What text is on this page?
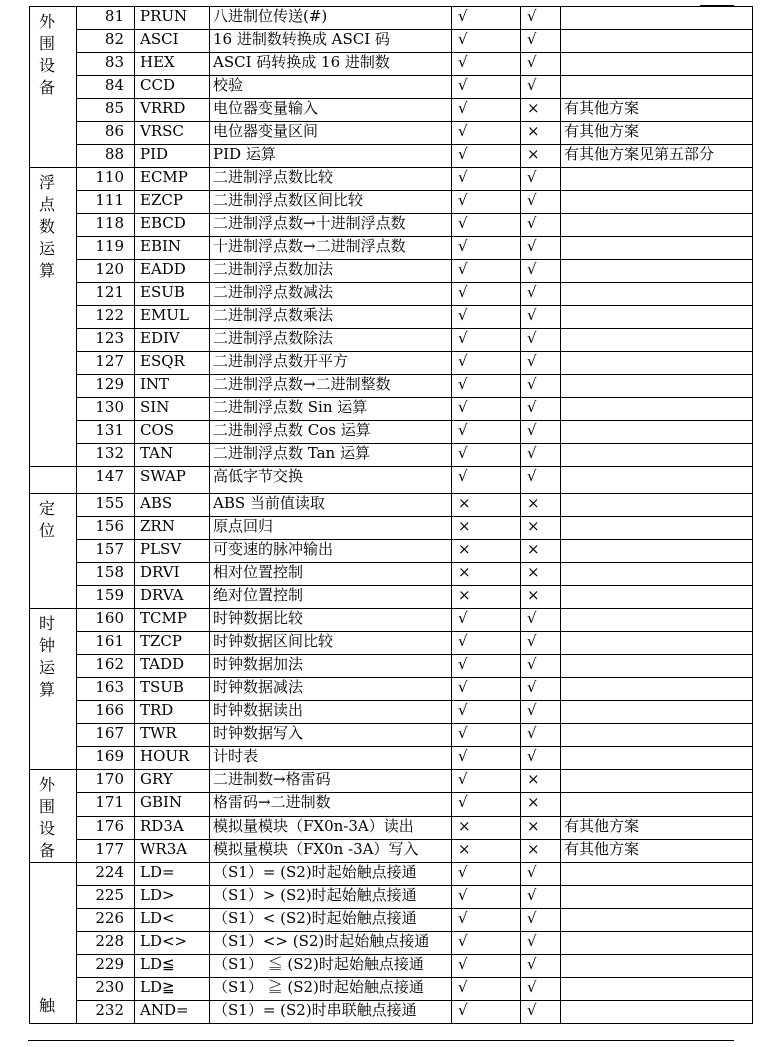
外围设备	81	PRUN	八进制位传送(#)	√	√	
	82	ASCI	16 进制数转换成 ASCI 码	√	√	
	83	HEX	ASCI 码转换成 16 进制数	√	√	
	84	CCD	校验	√	√	
	85	VRRD	电位器变量输入	√	×	有其他方案
	86	VRSC	电位器变量区间	√	×	有其他方案
	88	PID	PID 运算	√	×	有其他方案见第五部分

浮点数运算	110	ECMP	二进制浮点数比较	√	√	
	111	EZCP	二进制浮点数区间比较	√	√	
	118	EBCD	二进制浮点数→十进制浮点数	√	√	
	119	EBIN	十进制浮点数→二进制浮点数	√	√	
	120	EADD	二进制浮点数加法	√	√	
	121	ESUB	二进制浮点数减法	√	√	
	122	EMUL	二进制浮点数乘法	√	√	
	123	EDIV	二进制浮点数除法	√	√	
	127	ESQR	二进制浮点数开平方	√	√	
	129	INT	二进制浮点数→二进制整数	√	√	
	130	SIN	二进制浮点数 Sin 运算	√	√	
	131	COS	二进制浮点数 Cos 运算	√	√	
	132	TAN	二进制浮点数 Tan 运算	√	√	

	147	SWAP	高低字节交换	√	√	

定位	155	ABS	ABS 当前值读取	×	×	
	156	ZRN	原点回归	×	×	
	157	PLSV	可变速的脉冲输出	×	×	
	158	DRVI	相对位置控制	×	×	
	159	DRVA	绝对位置控制	×	×	

时钟运算	160	TCMP	时钟数据比较	√	√	
	161	TZCP	时钟数据区间比较	√	√	
	162	TADD	时钟数据加法	√	√	
	163	TSUB	时钟数据减法	√	√	
	166	TRD	时钟数据读出	√	√	
	167	TWR	时钟数据写入	√	√	
	169	HOUR	计时表	√	√	

外围设备	170	GRY	二进制数→格雷码	√	×	
	171	GBIN	格雷码→二进制数	√	×	
	176	RD3A	模拟量模块（FX0n-3A）读出	×	×	有其他方案
	177	WR3A	模拟量模块（FX0n -3A）写入	×	×	有其他方案

触	224	LD=	（S1）= (S2)时起始触点接通	√	√	
	225	LD>	（S1）> (S2)时起始触点接通	√	√	
	226	LD<	（S1）< (S2)时起始触点接通	√	√	
	228	LD<>	（S1）<> (S2)时起始触点接通	√	√	
	229	LD≦	（S1） ≦ (S2)时起始触点接通	√	√	
	230	LD≧	（S1） ≧ (S2)时起始触点接通	√	√	
	232	AND=	（S1）= (S2)时串联触点接通	√	√	
